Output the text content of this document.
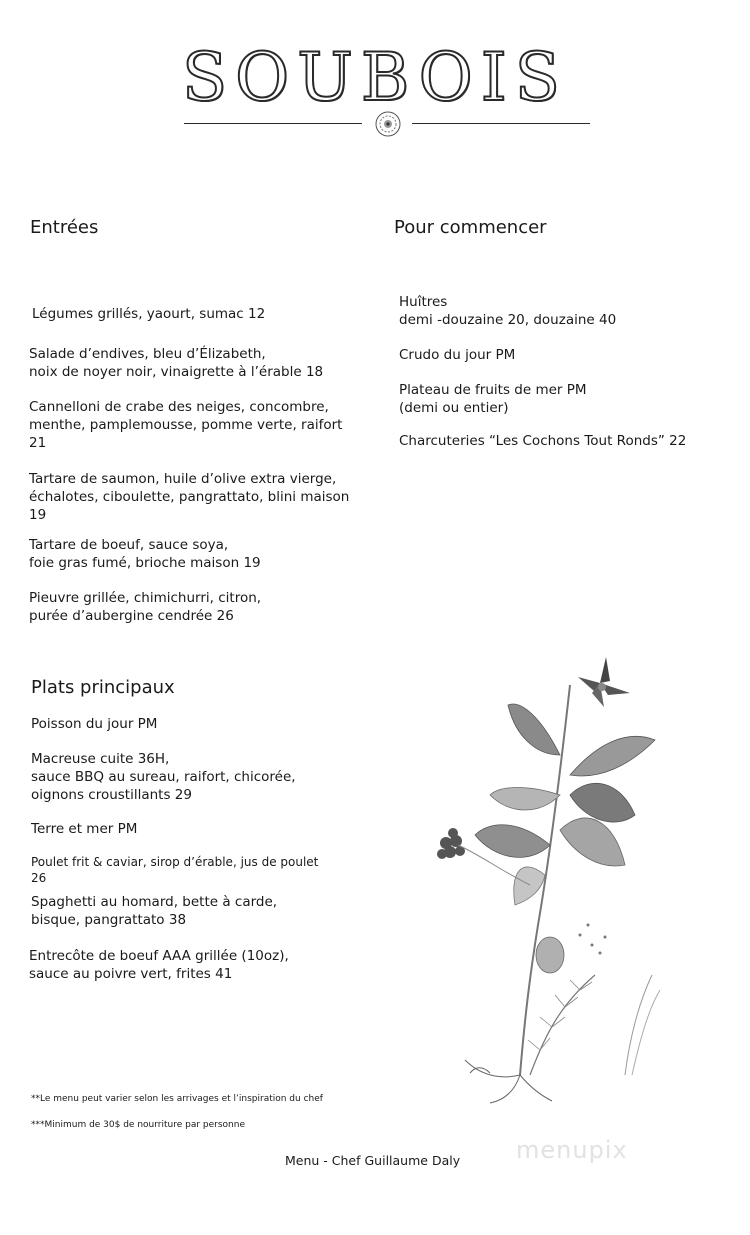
SOUBOIS
Entrées
Légumes grillés, yaourt, sumac 12
Salade d’endives, bleu d’Élizabeth,
noix de noyer noir, vinaigrette à l’érable 18
Cannelloni de crabe des neiges, concombre,
menthe, pamplemousse, pomme verte, raifort
21
Tartare de saumon, huile d’olive extra vierge,
échalotes, ciboulette, pangrattato, blini maison
19
Tartare de boeuf, sauce soya,
foie gras fumé, brioche maison 19
Pieuvre grillée, chimichurri, citron,
purée d’aubergine cendrée 26
Pour commencer
Huîtres
demi -douzaine 20, douzaine 40
Crudo du jour PM
Plateau de fruits de mer PM
(demi ou entier)
Charcuteries “Les Cochons Tout Ronds” 22
Plats principaux
Poisson du jour PM
Macreuse cuite 36H,
sauce BBQ au sureau, raifort, chicorée,
oignons croustillants 29
Terre et mer PM
Poulet frit & caviar, sirop d’érable, jus de poulet
26
Spaghetti au homard, bette à carde,
bisque, pangrattato 38
Entrecôte de boeuf AAA grillée (10oz),
sauce au poivre vert, frites 41
**Le menu peut varier selon les arrivages et l’inspiration du chef
***Minimum de 30$ de nourriture par personne
Menu - Chef Guillaume Daly menupix
